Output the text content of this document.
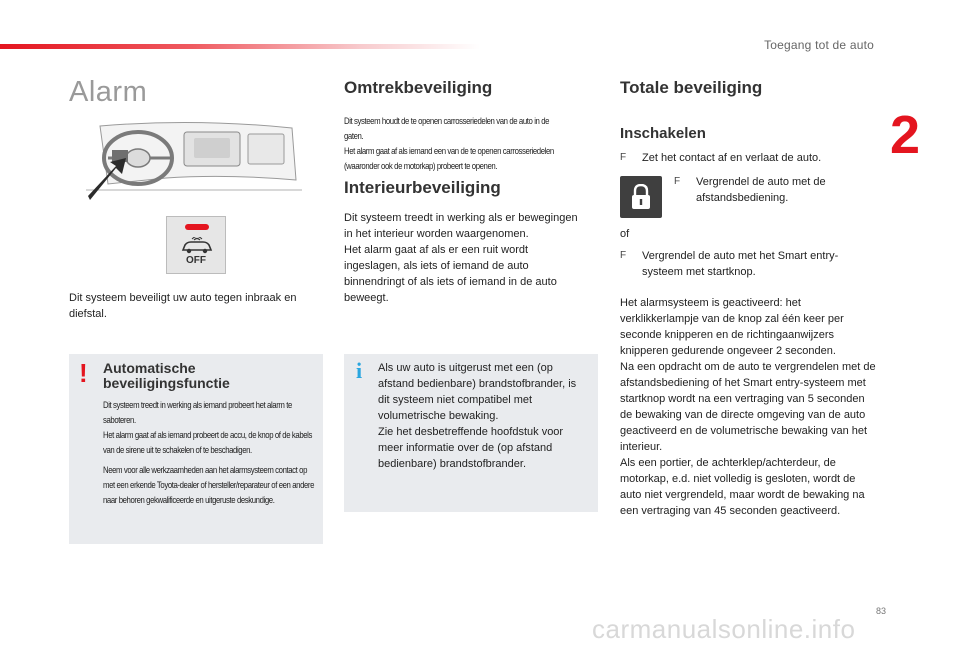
Toegang tot de auto
2
Alarm
OFF

Dit systeem beveiligt uw auto tegen inbraak en diefstal.

! Automatische
beveiligingsfunctie

Dit systeem treedt in werking als iemand probeert het alarm te saboteren.

Het alarm gaat af als iemand probeert de accu, de knop of de kabels van de sirene uit te schakelen of te beschadigen.

Neem voor alle werkzaamheden aan het alarmsysteem contact op met een erkende Toyota-dealer of hersteller/reparateur of een andere naar behoren gekwalificeerde en uitgeruste deskundige.

Omtrekbeveiliging

Dit systeem houdt de te openen carrosseriedelen van de auto in de gaten.

Het alarm gaat af als iemand een van de te openen carrosseriedelen (waaronder ook de motorkap) probeert te openen.

Interieurbeveiliging

Dit systeem treedt in werking als er bewegingen in het interieur worden waargenomen.

Het alarm gaat af als er een ruit wordt ingeslagen, als iets of iemand de auto binnendringt of als iets of iemand in de auto beweegt.

i Als uw auto is uitgerust met een (op afstand bedienbare) brandstofbrander, is dit systeem niet compatibel met volumetrische bewaking.

Zie het desbetreffende hoofdstuk voor meer informatie over de (op afstand bedienbare) brandstofbrander.

Totale beveiliging
Inschakelen
F	Zet het contact af en verlaat de auto.
F	Vergrendel de auto met de afstandsbediening.
of
F	Vergrendel de auto met het Smart entry-systeem met startknop.

Het alarmsysteem is geactiveerd: het verklikkerlampje van de knop zal één keer per seconde knipperen en de richtingaanwijzers knipperen gedurende ongeveer 2 seconden.

Na een opdracht om de auto te vergrendelen met de afstandsbediening of het Smart entry-systeem met startknop wordt na een vertraging van 5 seconden de bewaking van de directe omgeving van de auto geactiveerd en de volumetrische bewaking van het interieur.

Als een portier, de achterklep/achterdeur, de motorkap, e.d. niet volledig is gesloten, wordt de auto niet vergrendeld, maar wordt de bewaking na een vertraging van 45 seconden geactiveerd.

83
carmanualsonline.info
